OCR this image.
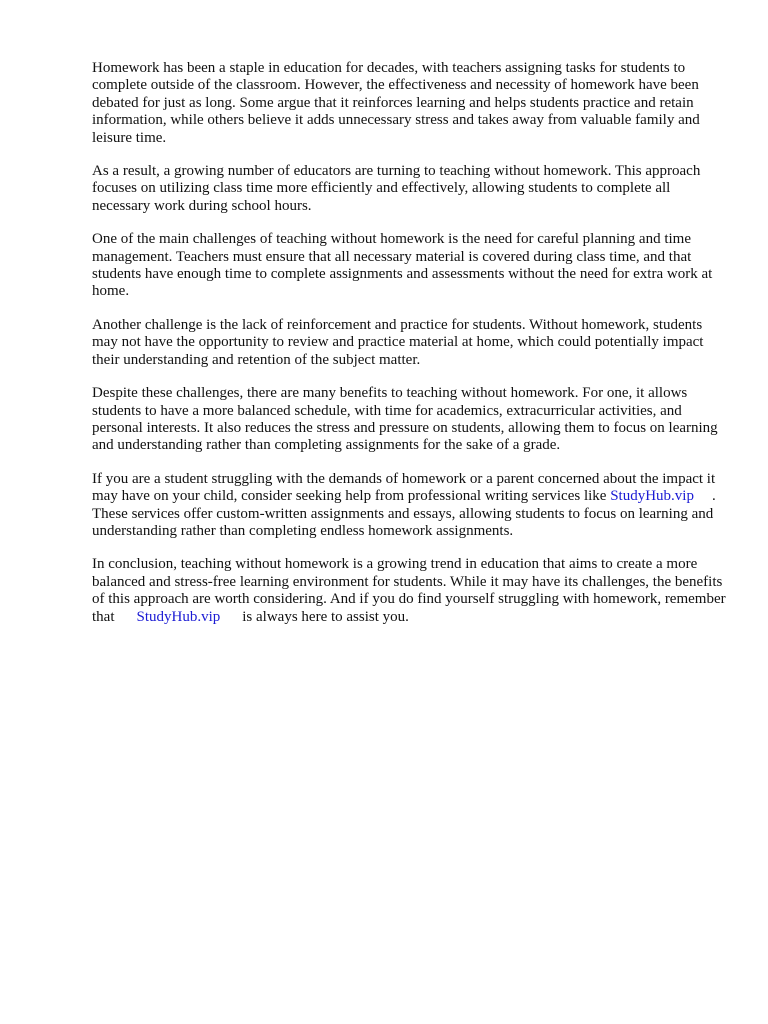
Homework has been a staple in education for decades, with teachers assigning tasks for students to complete outside of the classroom. However, the effectiveness and necessity of homework have been debated for just as long. Some argue that it reinforces learning and helps students practice and retain information, while others believe it adds unnecessary stress and takes away from valuable family and leisure time.

As a result, a growing number of educators are turning to teaching without homework. This approach focuses on utilizing class time more efficiently and effectively, allowing students to complete all necessary work during school hours.

One of the main challenges of teaching without homework is the need for careful planning and time management. Teachers must ensure that all necessary material is covered during class time, and that students have enough time to complete assignments and assessments without the need for extra work at home.

Another challenge is the lack of reinforcement and practice for students. Without homework, students may not have the opportunity to review and practice material at home, which could potentially impact their understanding and retention of the subject matter.

Despite these challenges, there are many benefits to teaching without homework. For one, it allows students to have a more balanced schedule, with time for academics, extracurricular activities, and personal interests. It also reduces the stress and pressure on students, allowing them to focus on learning and understanding rather than completing assignments for the sake of a grade.

If you are a student struggling with the demands of homework or a parent concerned about the impact it may have on your child, consider seeking help from professional writing services like StudyHub.vip . These services offer custom-written assignments and essays, allowing students to focus on learning and understanding rather than completing endless homework assignments.

In conclusion, teaching without homework is a growing trend in education that aims to create a more balanced and stress-free learning environment for students. While it may have its challenges, the benefits of this approach are worth considering. And if you do find yourself struggling with homework, remember that StudyHub.vip is always here to assist you.
